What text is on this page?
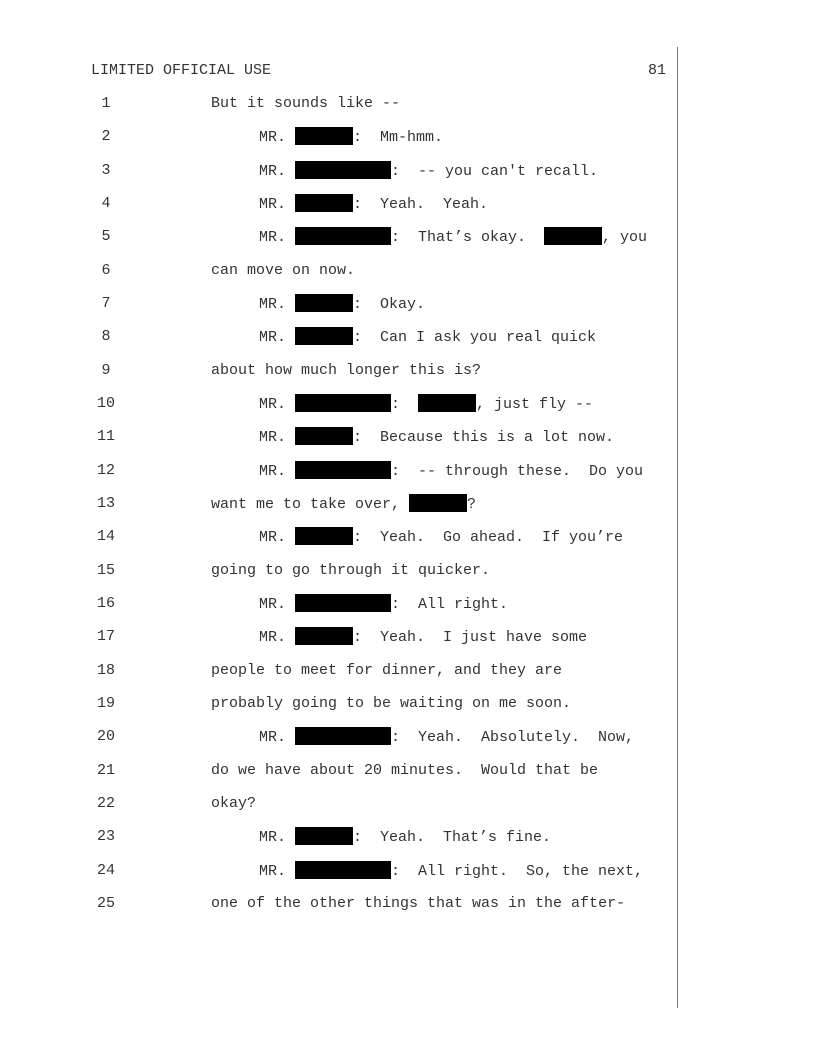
LIMITED OFFICIAL USE	81
1	But it sounds like --
2	MR.	:  Mm-hmm.
3	MR.	:  -- you can't recall.
4	MR.	:  Yeah.  Yeah.
5	MR.	:  That’s okay.	, you
6	can move on now.
7	MR.	:  Okay.
8	MR.	:  Can I ask you real quick
9	about how much longer this is?
10	MR.	:	, just fly --
11	MR.	:  Because this is a lot now.
12	MR.	:  -- through these.  Do you
13	want me to take over,	?
14	MR.	:  Yeah.  Go ahead.  If you’re
15	going to go through it quicker.
16	MR.	:  All right.
17	MR.	:  Yeah.  I just have some
18	people to meet for dinner, and they are
19	probably going to be waiting on me soon.
20	MR.	:  Yeah.  Absolutely.  Now,
21	do we have about 20 minutes.  Would that be
22	okay?
23	MR.	:  Yeah.  That’s fine.
24	MR.	:  All right.  So, the next,
25	one of the other things that was in the after-
